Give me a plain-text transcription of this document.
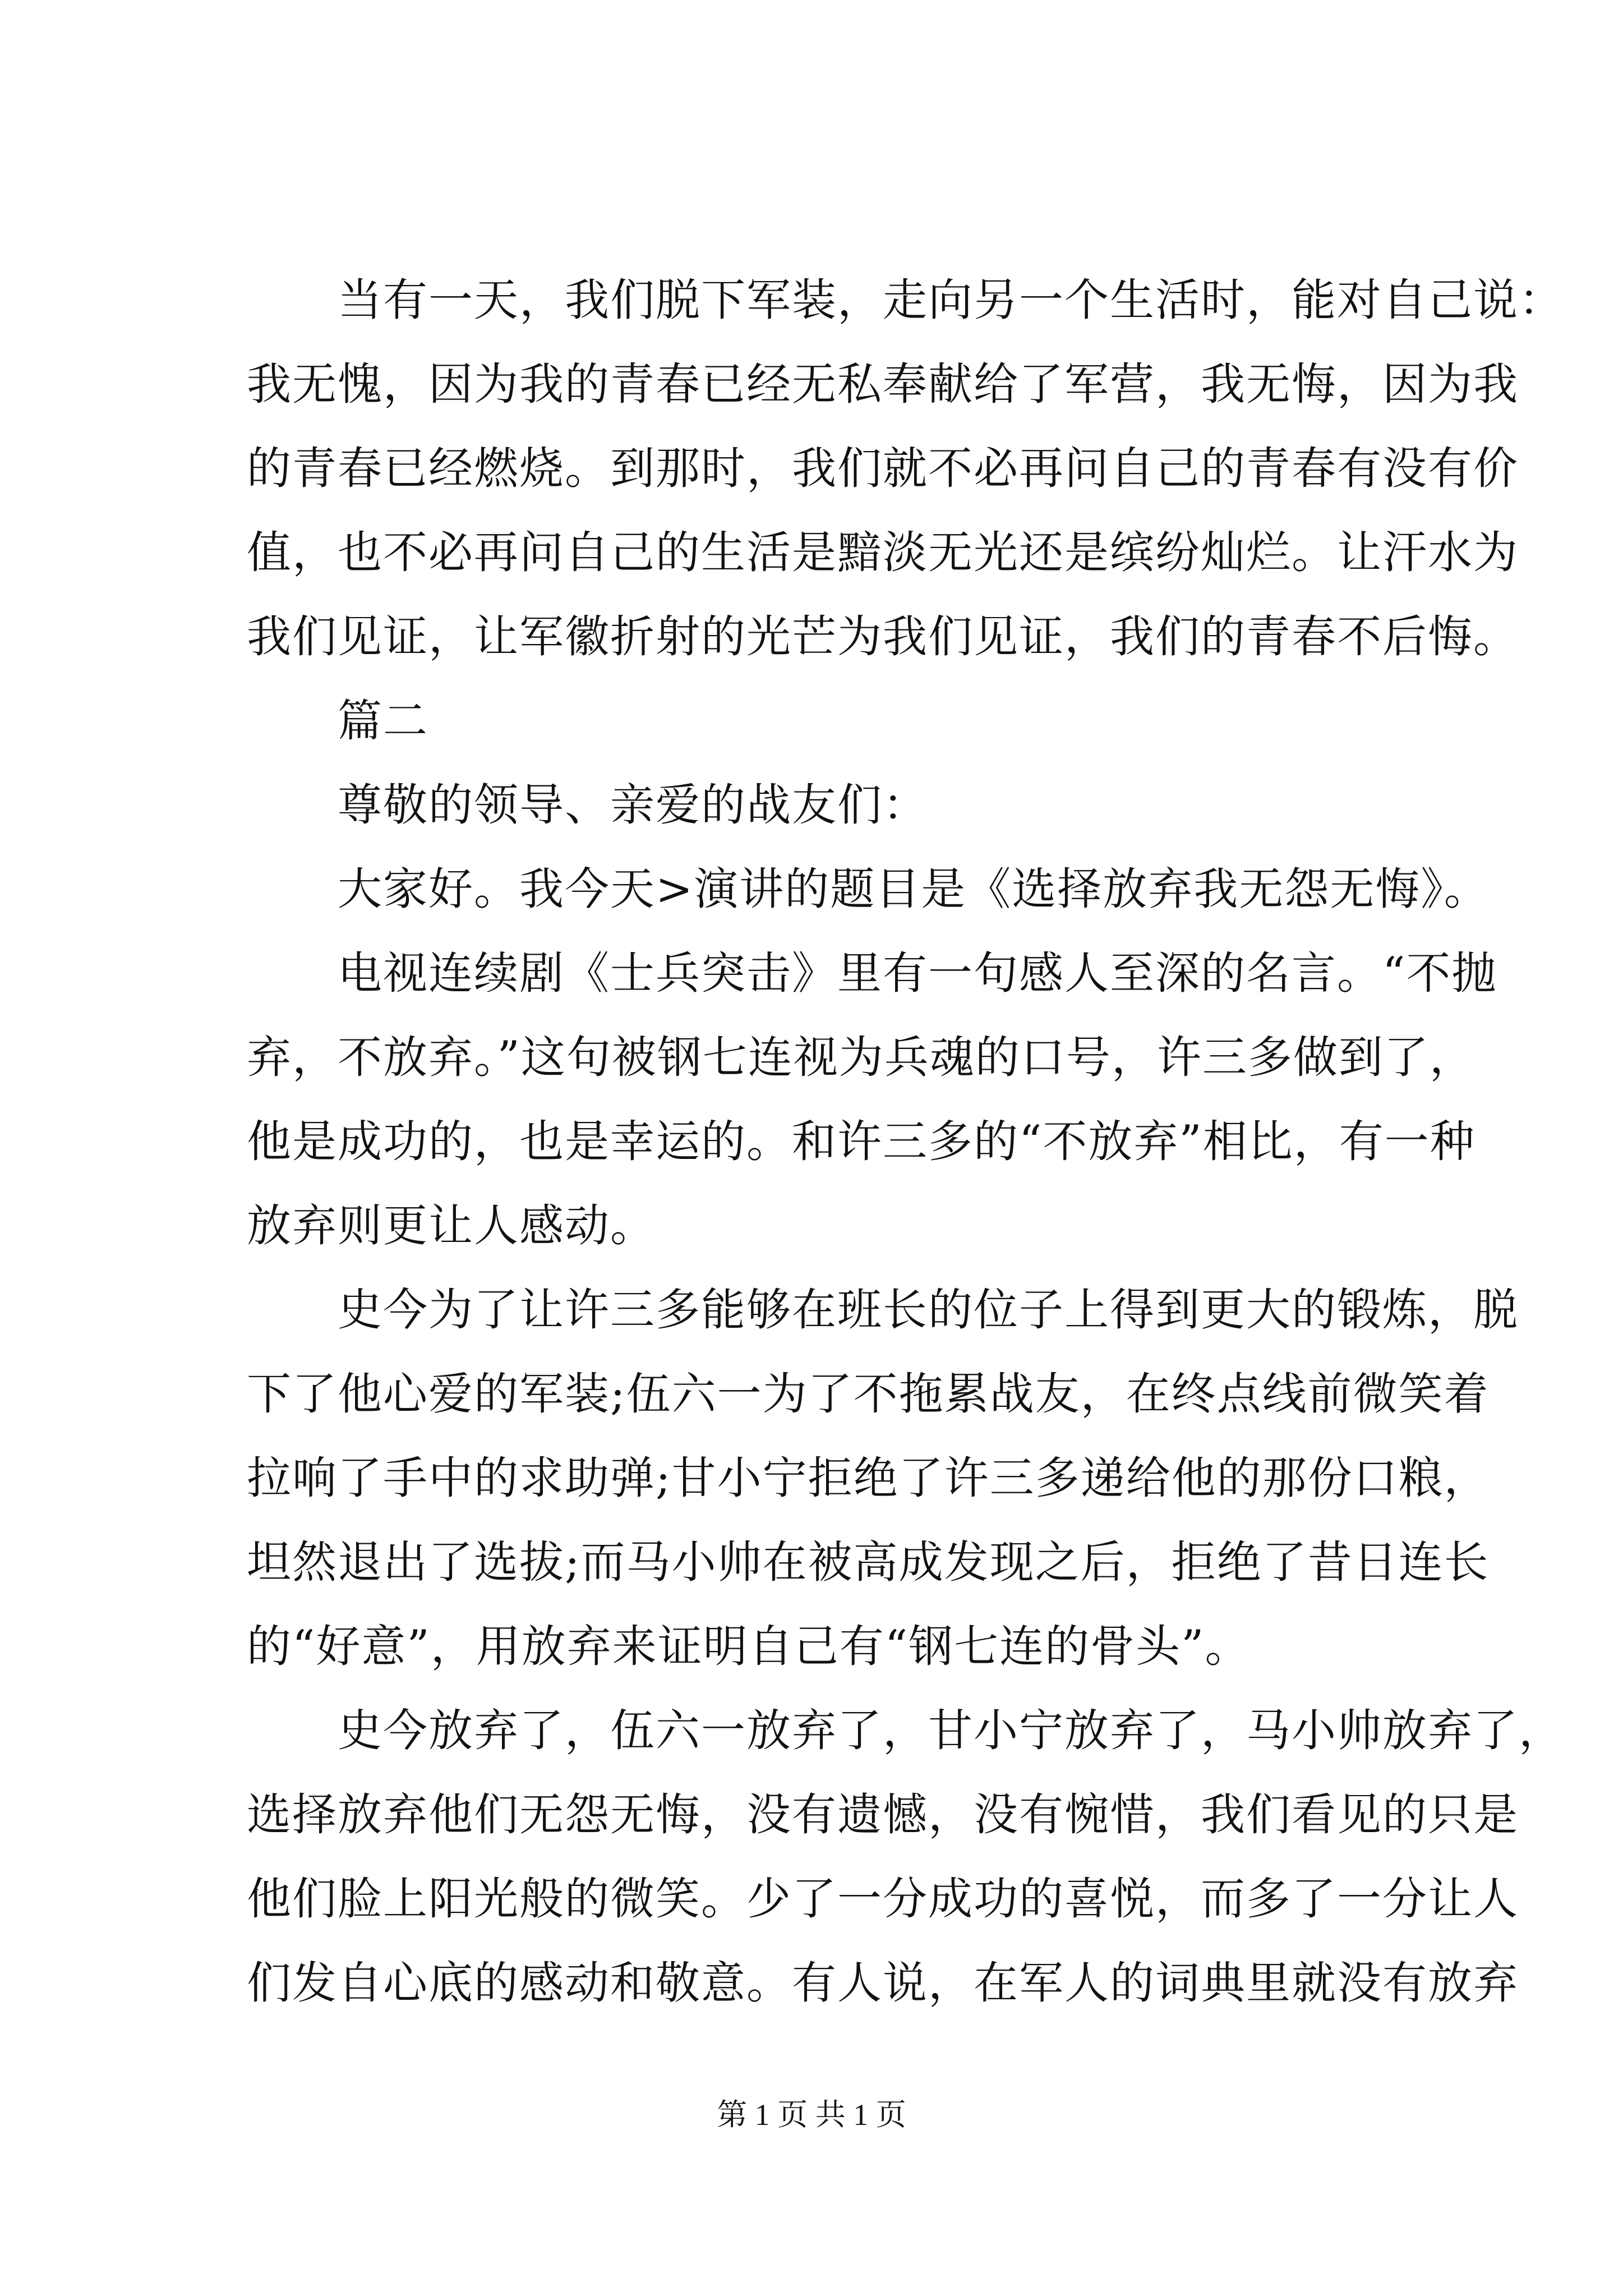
当有一天，我们脱下军装，走向另一个生活时，能对自己说：
我无愧，因为我的青春已经无私奉献给了军营，我无悔，因为我
的青春已经燃烧。到那时，我们就不必再问自己的青春有没有价
值，也不必再问自己的生活是黯淡无光还是缤纷灿烂。让汗水为
我们见证，让军徽折射的光芒为我们见证，我们的青春不后悔。
篇二
尊敬的领导、亲爱的战友们：
大家好。我今天>演讲的题目是《选择放弃我无怨无悔》。
电视连续剧《士兵突击》里有一句感人至深的名言。“不抛
弃，不放弃。”这句被钢七连视为兵魂的口号，许三多做到了，
他是成功的，也是幸运的。和许三多的“不放弃”相比，有一种
放弃则更让人感动。
史今为了让许三多能够在班长的位子上得到更大的锻炼，脱
下了他心爱的军装;伍六一为了不拖累战友，在终点线前微笑着
拉响了手中的求助弹;甘小宁拒绝了许三多递给他的那份口粮，
坦然退出了选拔;而马小帅在被高成发现之后，拒绝了昔日连长
的“好意”，用放弃来证明自己有“钢七连的骨头”。
史今放弃了，伍六一放弃了，甘小宁放弃了，马小帅放弃了，
选择放弃他们无怨无悔，没有遗憾，没有惋惜，我们看见的只是
他们脸上阳光般的微笑。少了一分成功的喜悦，而多了一分让人
们发自心底的感动和敬意。有人说，在军人的词典里就没有放弃
第 1 页 共 1 页
